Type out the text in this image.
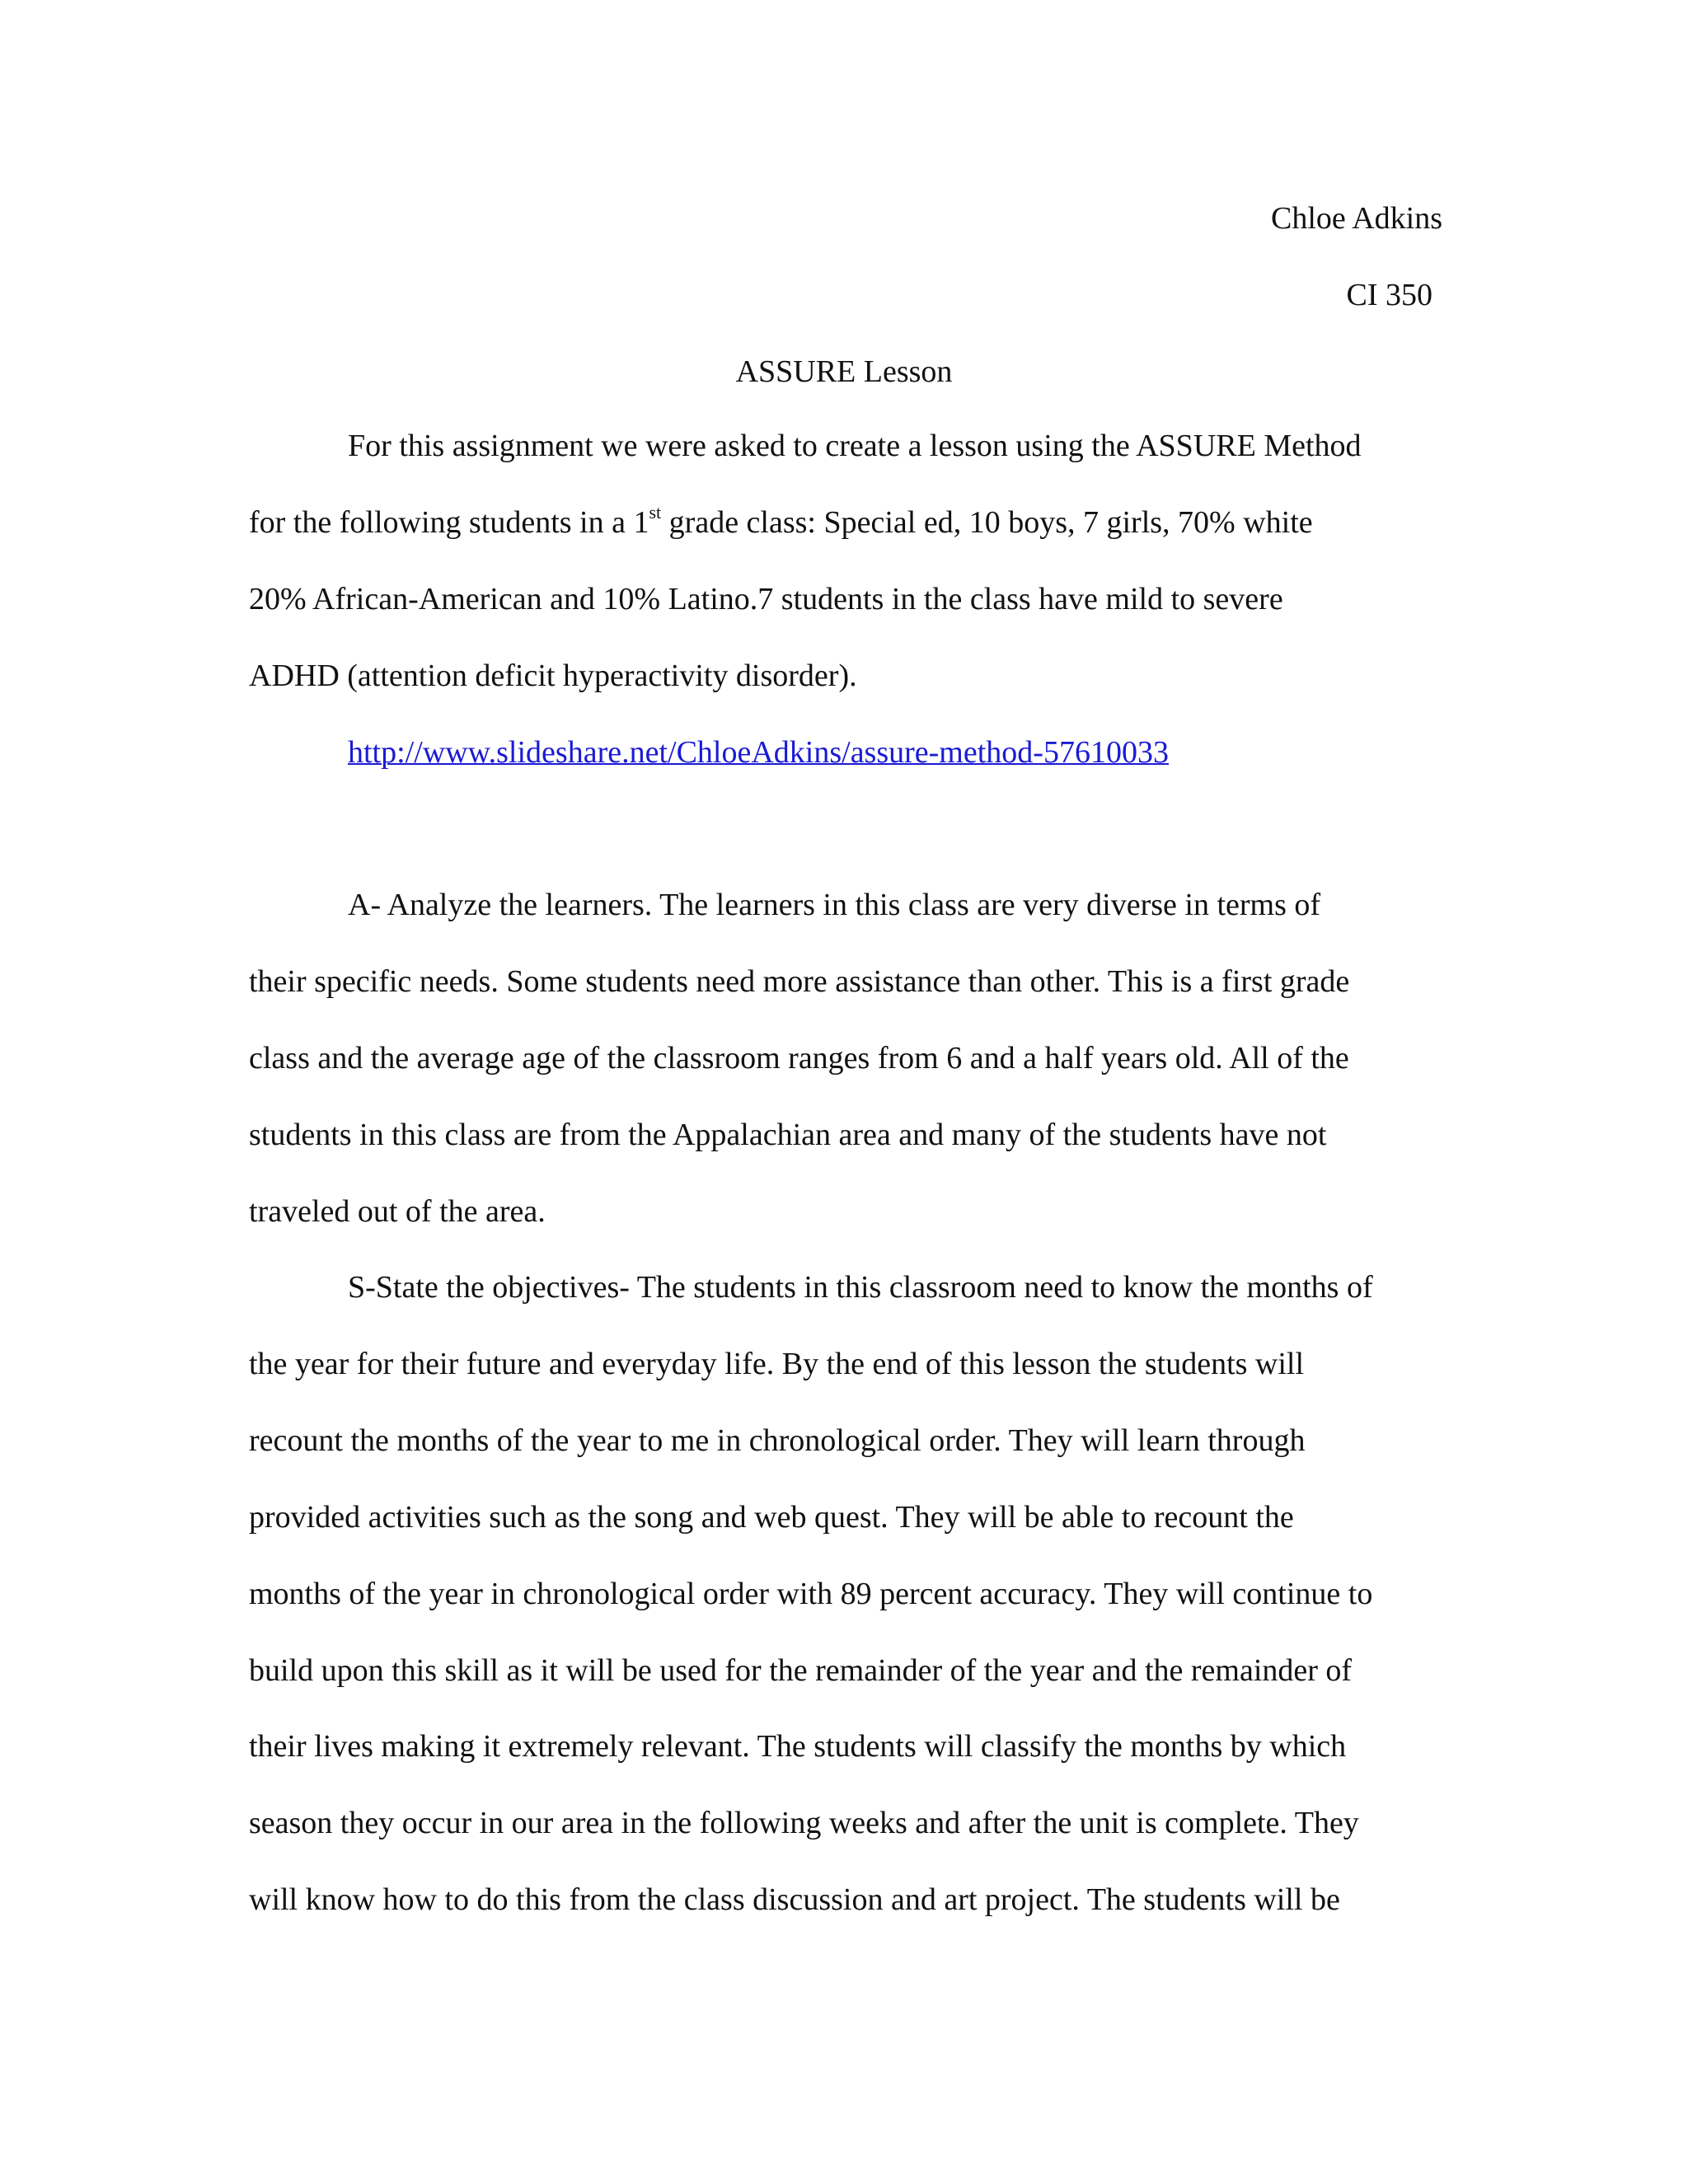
Chloe Adkins
CI 350
ASSURE Lesson

For this assignment we were asked to create a lesson using the ASSURE Method

for the following students in a 1st grade class: Special ed, 10 boys, 7 girls, 70% white

20% African-American and 10% Latino.7 students in the class have mild to severe

ADHD (attention deficit hyperactivity disorder).

http://www.slideshare.net/ChloeAdkins/assure-method-57610033

A- Analyze the learners. The learners in this class are very diverse in terms of

their specific needs. Some students need more assistance than other. This is a first grade

class and the average age of the classroom ranges from 6 and a half years old. All of the

students in this class are from the Appalachian area and many of the students have not

traveled out of the area.

S-State the objectives- The students in this classroom need to know the months of

the year for their future and everyday life. By the end of this lesson the students will

recount the months of the year to me in chronological order. They will learn through

provided activities such as the song and web quest. They will be able to recount the

months of the year in chronological order with 89 percent accuracy. They will continue to

build upon this skill as it will be used for the remainder of the year and the remainder of

their lives making it extremely relevant. The students will classify the months by which

season they occur in our area in the following weeks and after the unit is complete. They

will know how to do this from the class discussion and art project. The students will be
